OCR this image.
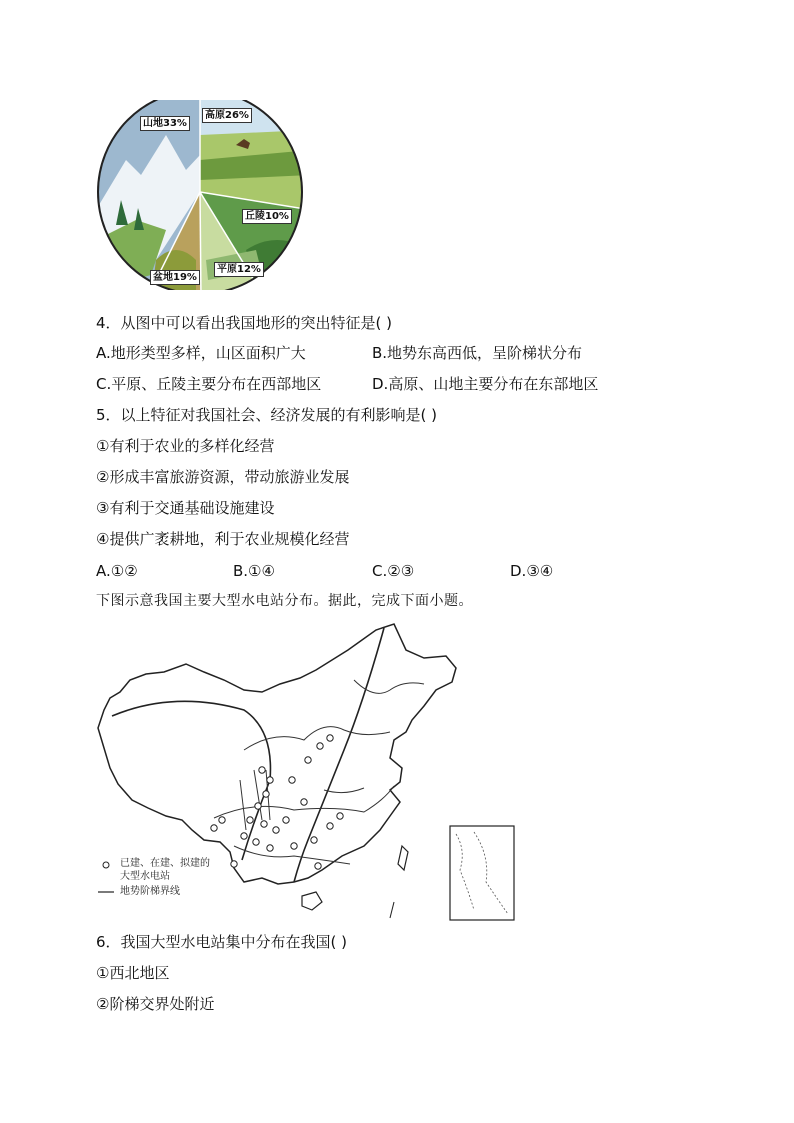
山地33%
高原26%
丘陵10%
平原12%
盆地19%
4．从图中可以看出我国地形的突出特征是( )
A.地形类型多样，山区面积广大	B.地势东高西低，呈阶梯状分布
C.平原、丘陵主要分布在西部地区	D.高原、山地主要分布在东部地区
5．以上特征对我国社会、经济发展的有利影响是( )
①有利于农业的多样化经营
②形成丰富旅游资源，带动旅游业发展
③有利于交通基础设施建设
④提供广袤耕地，利于农业规模化经营
A.①②	B.①④	C.②③	D.③④
下图示意我国主要大型水电站分布。据此，完成下面小题。
已建、在建、拟建的
大型水电站
地势阶梯界线
6．我国大型水电站集中分布在我国( )
①西北地区
②阶梯交界处附近
